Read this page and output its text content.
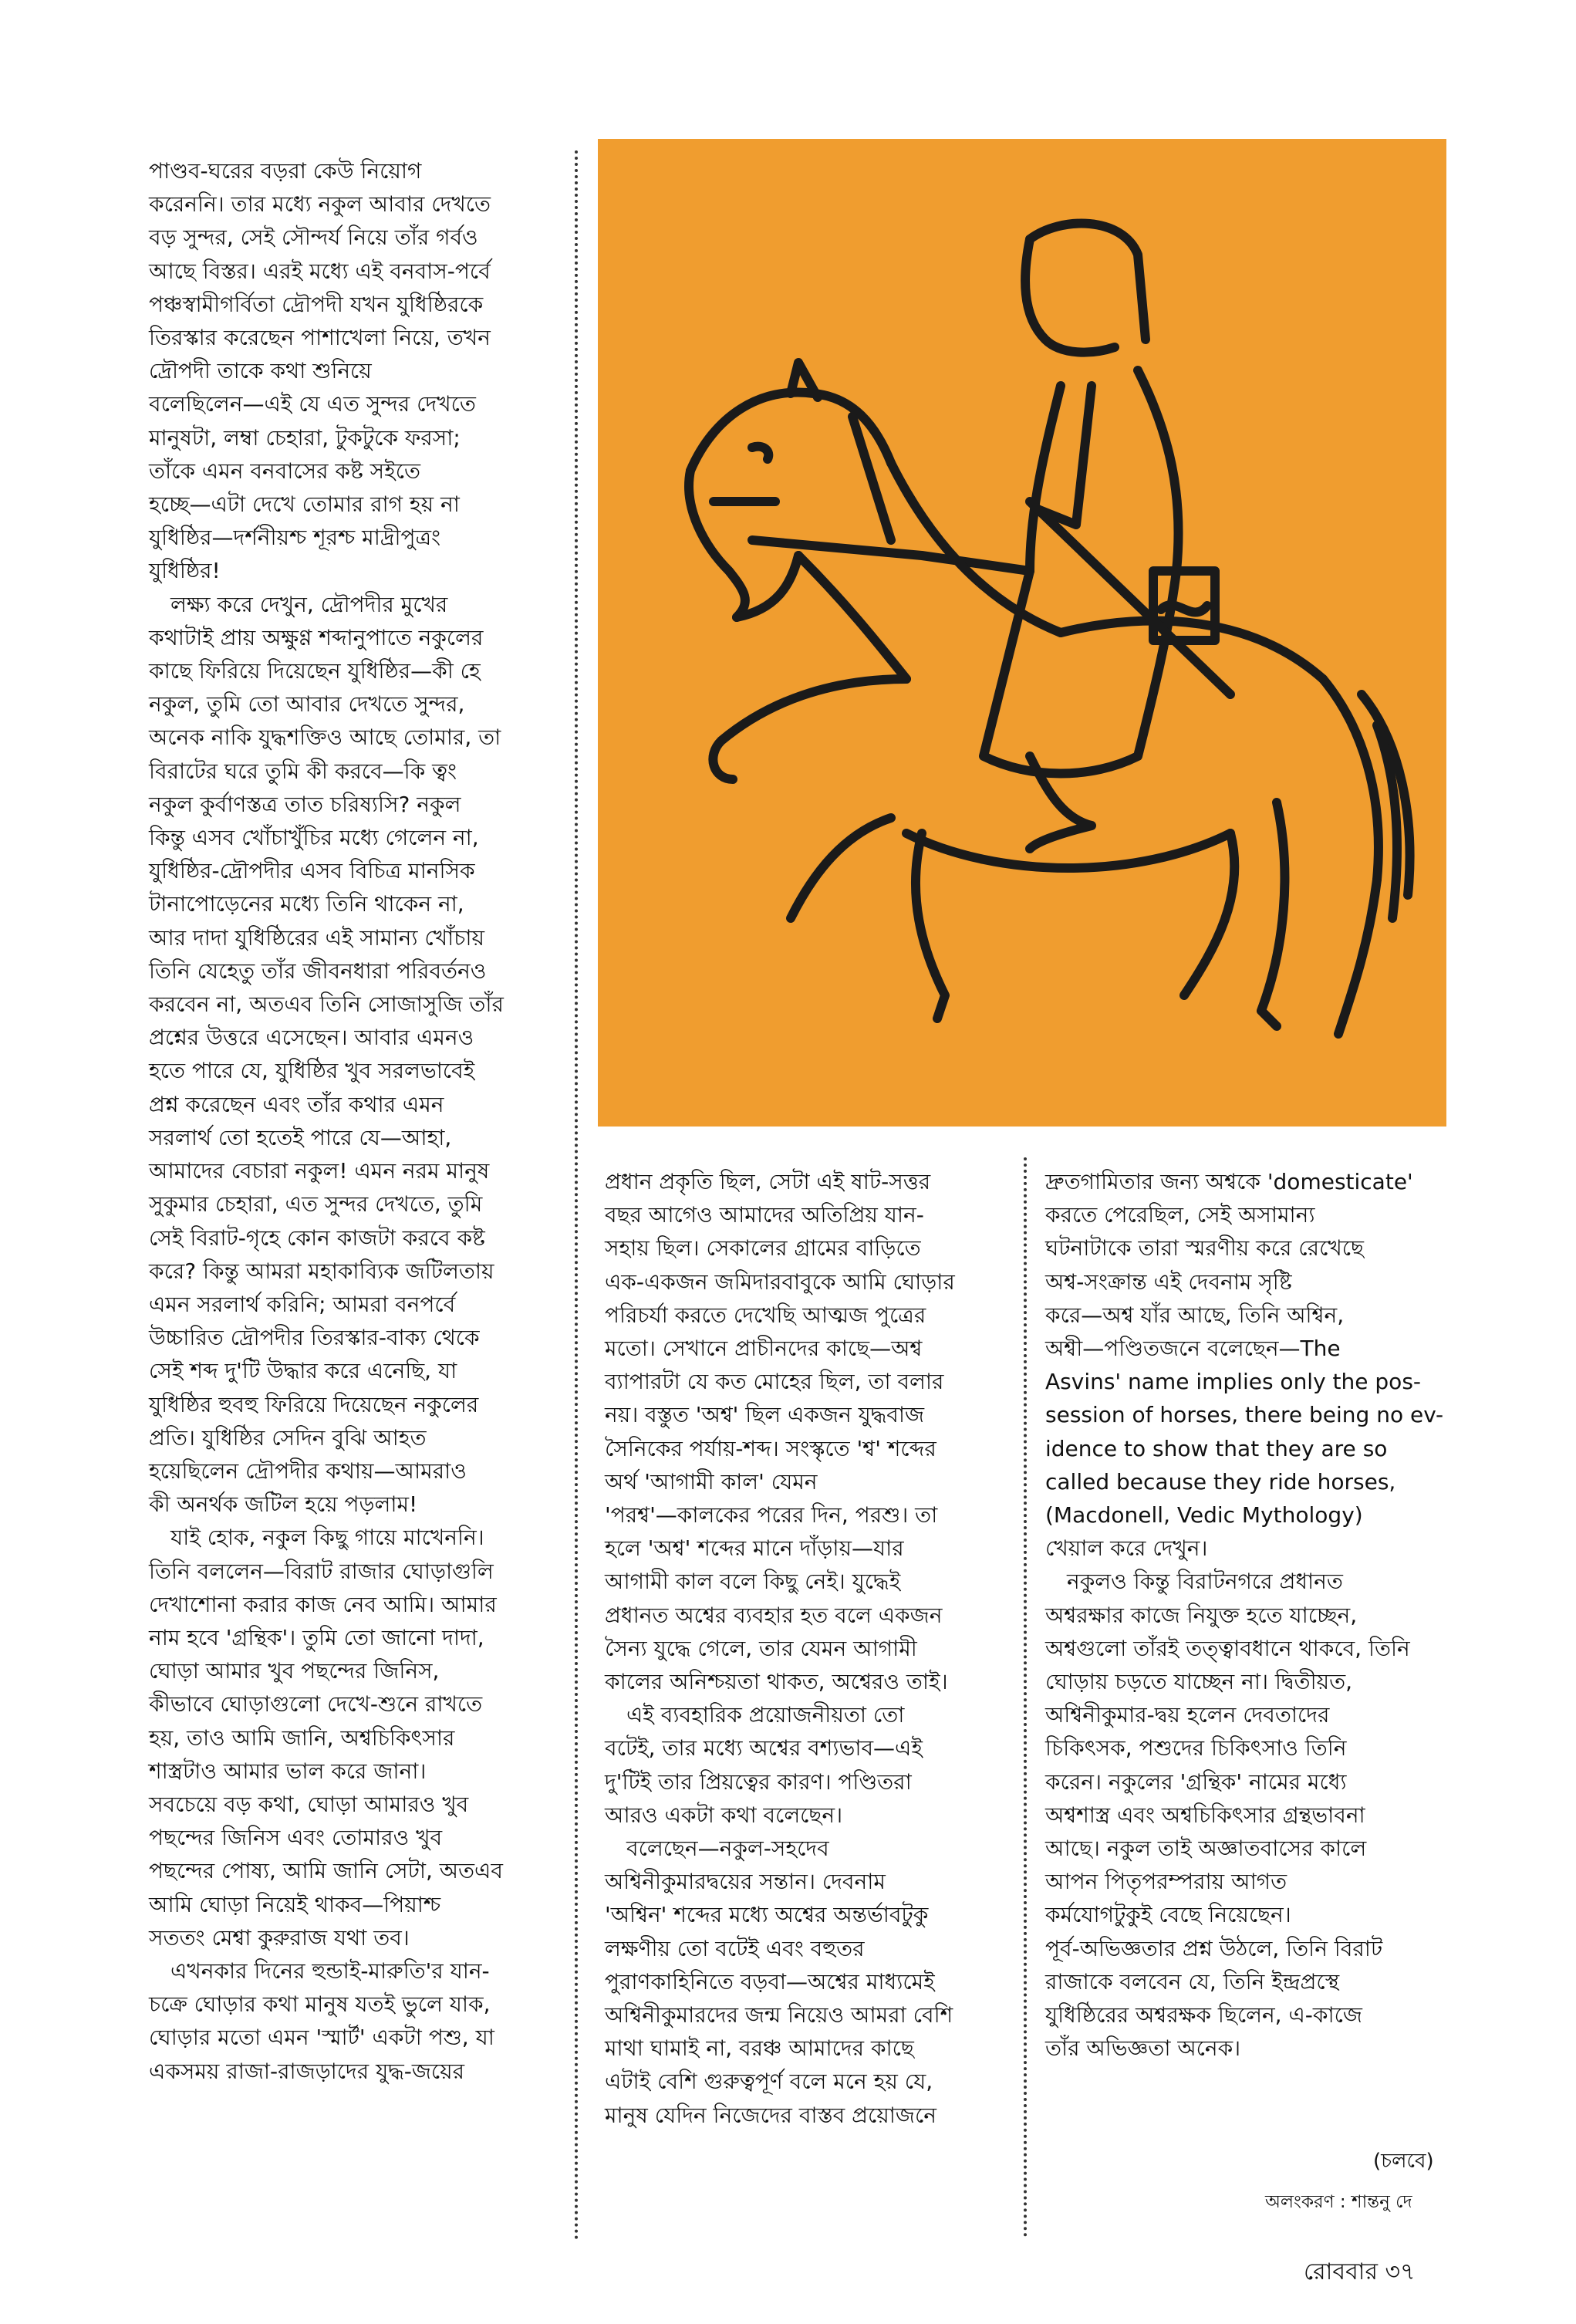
পাণ্ডব-ঘরের বড়রা কেউ নিয়োগ
করেননি। তার মধ্যে নকুল আবার দেখতে
বড় সুন্দর, সেই সৌন্দর্য নিয়ে তাঁর গর্বও
আছে বিস্তর। এরই মধ্যে এই বনবাস-পর্বে
পঞ্চস্বামীগর্বিতা দ্রৌপদী যখন যুধিষ্ঠিরকে
তিরস্কার করেছেন পাশাখেলা নিয়ে, তখন
দ্রৌপদী তাকে কথা শুনিয়ে
বলেছিলেন—এই যে এত সুন্দর দেখতে
মানুষটা, লম্বা চেহারা, টুকটুকে ফরসা;
তাঁকে এমন বনবাসের কষ্ট সইতে
হচ্ছে—এটা দেখে তোমার রাগ হয় না
যুধিষ্ঠির—দর্শনীয়শ্চ শূরশ্চ মাদ্রীপুত্রং
যুধিষ্ঠির!

লক্ষ্য করে দেখুন, দ্রৌপদীর মুখের
কথাটাই প্রায় অক্ষুণ্ণ শব্দানুপাতে নকুলের
কাছে ফিরিয়ে দিয়েছেন যুধিষ্ঠির—কী হে
নকুল, তুমি তো আবার দেখতে সুন্দর,
অনেক নাকি যুদ্ধশক্তিও আছে তোমার, তা
বিরাটের ঘরে তুমি কী করবে—কি ত্বং
নকুল কুর্বাণস্তত্র তাত চরিষ্যসি? নকুল
কিন্তু এসব খোঁচাখুঁচির মধ্যে গেলেন না,
যুধিষ্ঠির-দ্রৌপদীর এসব বিচিত্র মানসিক
টানাপোড়েনের মধ্যে তিনি থাকেন না,
আর দাদা যুধিষ্ঠিরের এই সামান্য খোঁচায়
তিনি যেহেতু তাঁর জীবনধারা পরিবর্তনও
করবেন না, অতএব তিনি সোজাসুজি তাঁর
প্রশ্নের উত্তরে এসেছেন। আবার এমনও
হতে পারে যে, যুধিষ্ঠির খুব সরলভাবেই
প্রশ্ন করেছেন এবং তাঁর কথার এমন
সরলার্থ তো হতেই পারে যে—আহা,
আমাদের বেচারা নকুল! এমন নরম মানুষ
সুকুমার চেহারা, এত সুন্দর দেখতে, তুমি
সেই বিরাট-গৃহে কোন কাজটা করবে কষ্ট
করে? কিন্তু আমরা মহাকাব্যিক জটিলতায়
এমন সরলার্থ করিনি; আমরা বনপর্বে
উচ্চারিত দ্রৌপদীর তিরস্কার-বাক্য থেকে
সেই শব্দ দু'টি উদ্ধার করে এনেছি, যা
যুধিষ্ঠির হুবহু ফিরিয়ে দিয়েছেন নকুলের
প্রতি। যুধিষ্ঠির সেদিন বুঝি আহত
হয়েছিলেন দ্রৌপদীর কথায়—আমরাও
কী অনর্থক জটিল হয়ে পড়লাম!

যাই হোক, নকুল কিছু গায়ে মাখেননি।
তিনি বললেন—বিরাট রাজার ঘোড়াগুলি
দেখাশোনা করার কাজ নেব আমি। আমার
নাম হবে 'গ্রন্থিক'। তুমি তো জানো দাদা,
ঘোড়া আমার খুব পছন্দের জিনিস,
কীভাবে ঘোড়াগুলো দেখে-শুনে রাখতে
হয়, তাও আমি জানি, অশ্বচিকিৎসার
শাস্ত্রটাও আমার ভাল করে জানা।
সবচেয়ে বড় কথা, ঘোড়া আমারও খুব
পছন্দের জিনিস এবং তোমারও খুব
পছন্দের পোষ্য, আমি জানি সেটা, অতএব
আমি ঘোড়া নিয়েই থাকব—পিয়াশ্চ
সততং মেশ্বা কুরুরাজ যথা তব।

এখনকার দিনের হুন্ডাই-মারুতি'র যান-
চক্রে ঘোড়ার কথা মানুষ যতই ভুলে যাক,
ঘোড়ার মতো এমন 'স্মার্ট' একটা পশু, যা
একসময় রাজা-রাজড়াদের যুদ্ধ-জয়ের

প্রধান প্রকৃতি ছিল, সেটা এই ষাট-সত্তর
বছর আগেও আমাদের অতিপ্রিয় যান-
সহায় ছিল। সেকালের গ্রামের বাড়িতে
এক-একজন জমিদারবাবুকে আমি ঘোড়ার
পরিচর্যা করতে দেখেছি আত্মজ পুত্রের
মতো। সেখানে প্রাচীনদের কাছে—অশ্ব
ব্যাপারটা যে কত মোহের ছিল, তা বলার
নয়। বস্তুত 'অশ্ব' ছিল একজন যুদ্ধবাজ
সৈনিকের পর্যায়-শব্দ। সংস্কৃতে 'শ্ব' শব্দের
অর্থ 'আগামী কাল' যেমন
'পরশ্ব'—কালকের পরের দিন, পরশু। তা
হলে 'অশ্ব' শব্দের মানে দাঁড়ায়—যার
আগামী কাল বলে কিছু নেই। যুদ্ধেই
প্রধানত অশ্বের ব্যবহার হত বলে একজন
সৈন্য যুদ্ধে গেলে, তার যেমন আগামী
কালের অনিশ্চয়তা থাকত, অশ্বেরও তাই।

এই ব্যবহারিক প্রয়োজনীয়তা তো
বটেই, তার মধ্যে অশ্বের বশ্যভাব—এই
দু'টিই তার প্রিয়ত্বের কারণ। পণ্ডিতরা
আরও একটা কথা বলেছেন।

বলেছেন—নকুল-সহদেব
অশ্বিনীকুমারদ্বয়ের সন্তান। দেবনাম
'অশ্বিন' শব্দের মধ্যে অশ্বের অন্তর্ভাবটুকু
লক্ষণীয় তো বটেই এবং বহুতর
পুরাণকাহিনিতে বড়বা—অশ্বের মাধ্যমেই
অশ্বিনীকুমারদের জন্ম নিয়েও আমরা বেশি
মাথা ঘামাই না, বরঞ্চ আমাদের কাছে
এটাই বেশি গুরুত্বপূর্ণ বলে মনে হয় যে,
মানুষ যেদিন নিজেদের বাস্তব প্রয়োজনে

দ্রুতগামিতার জন্য অশ্বকে 'domesticate'
করতে পেরেছিল, সেই অসামান্য
ঘটনাটাকে তারা স্মরণীয় করে রেখেছে
অশ্ব-সংক্রান্ত এই দেবনাম সৃষ্টি
করে—অশ্ব যাঁর আছে, তিনি অশ্বিন,
অশ্বী—পণ্ডিতজনে বলেছেন—The
Asvins' name implies only the pos-
session of horses, there being no ev-
idence to show that they are so
called because they ride horses,
(Macdonell, Vedic Mythology)
খেয়াল করে দেখুন।

নকুলও কিন্তু বিরাটনগরে প্রধানত
অশ্বরক্ষার কাজে নিযুক্ত হতে যাচ্ছেন,
অশ্বগুলো তাঁরই তত্ত্বাবধানে থাকবে, তিনি
ঘোড়ায় চড়তে যাচ্ছেন না। দ্বিতীয়ত,
অশ্বিনীকুমার-দ্বয় হলেন দেবতাদের
চিকিৎসক, পশুদের চিকিৎসাও তিনি
করেন। নকুলের 'গ্রন্থিক' নামের মধ্যে
অশ্বশাস্ত্র এবং অশ্বচিকিৎসার গ্রন্থভাবনা
আছে। নকুল তাই অজ্ঞাতবাসের কালে
আপন পিতৃপরম্পরায় আগত
কর্মযোগটুকুই বেছে নিয়েছেন।
পূর্ব-অভিজ্ঞতার প্রশ্ন উঠলে, তিনি বিরাট
রাজাকে বলবেন যে, তিনি ইন্দ্রপ্রস্থে
যুধিষ্ঠিরের অশ্বরক্ষক ছিলেন, এ-কাজে
তাঁর অভিজ্ঞতা অনেক।

(চলবে)
অলংকরণ : শান্তনু দে
রোববার ৩৭
